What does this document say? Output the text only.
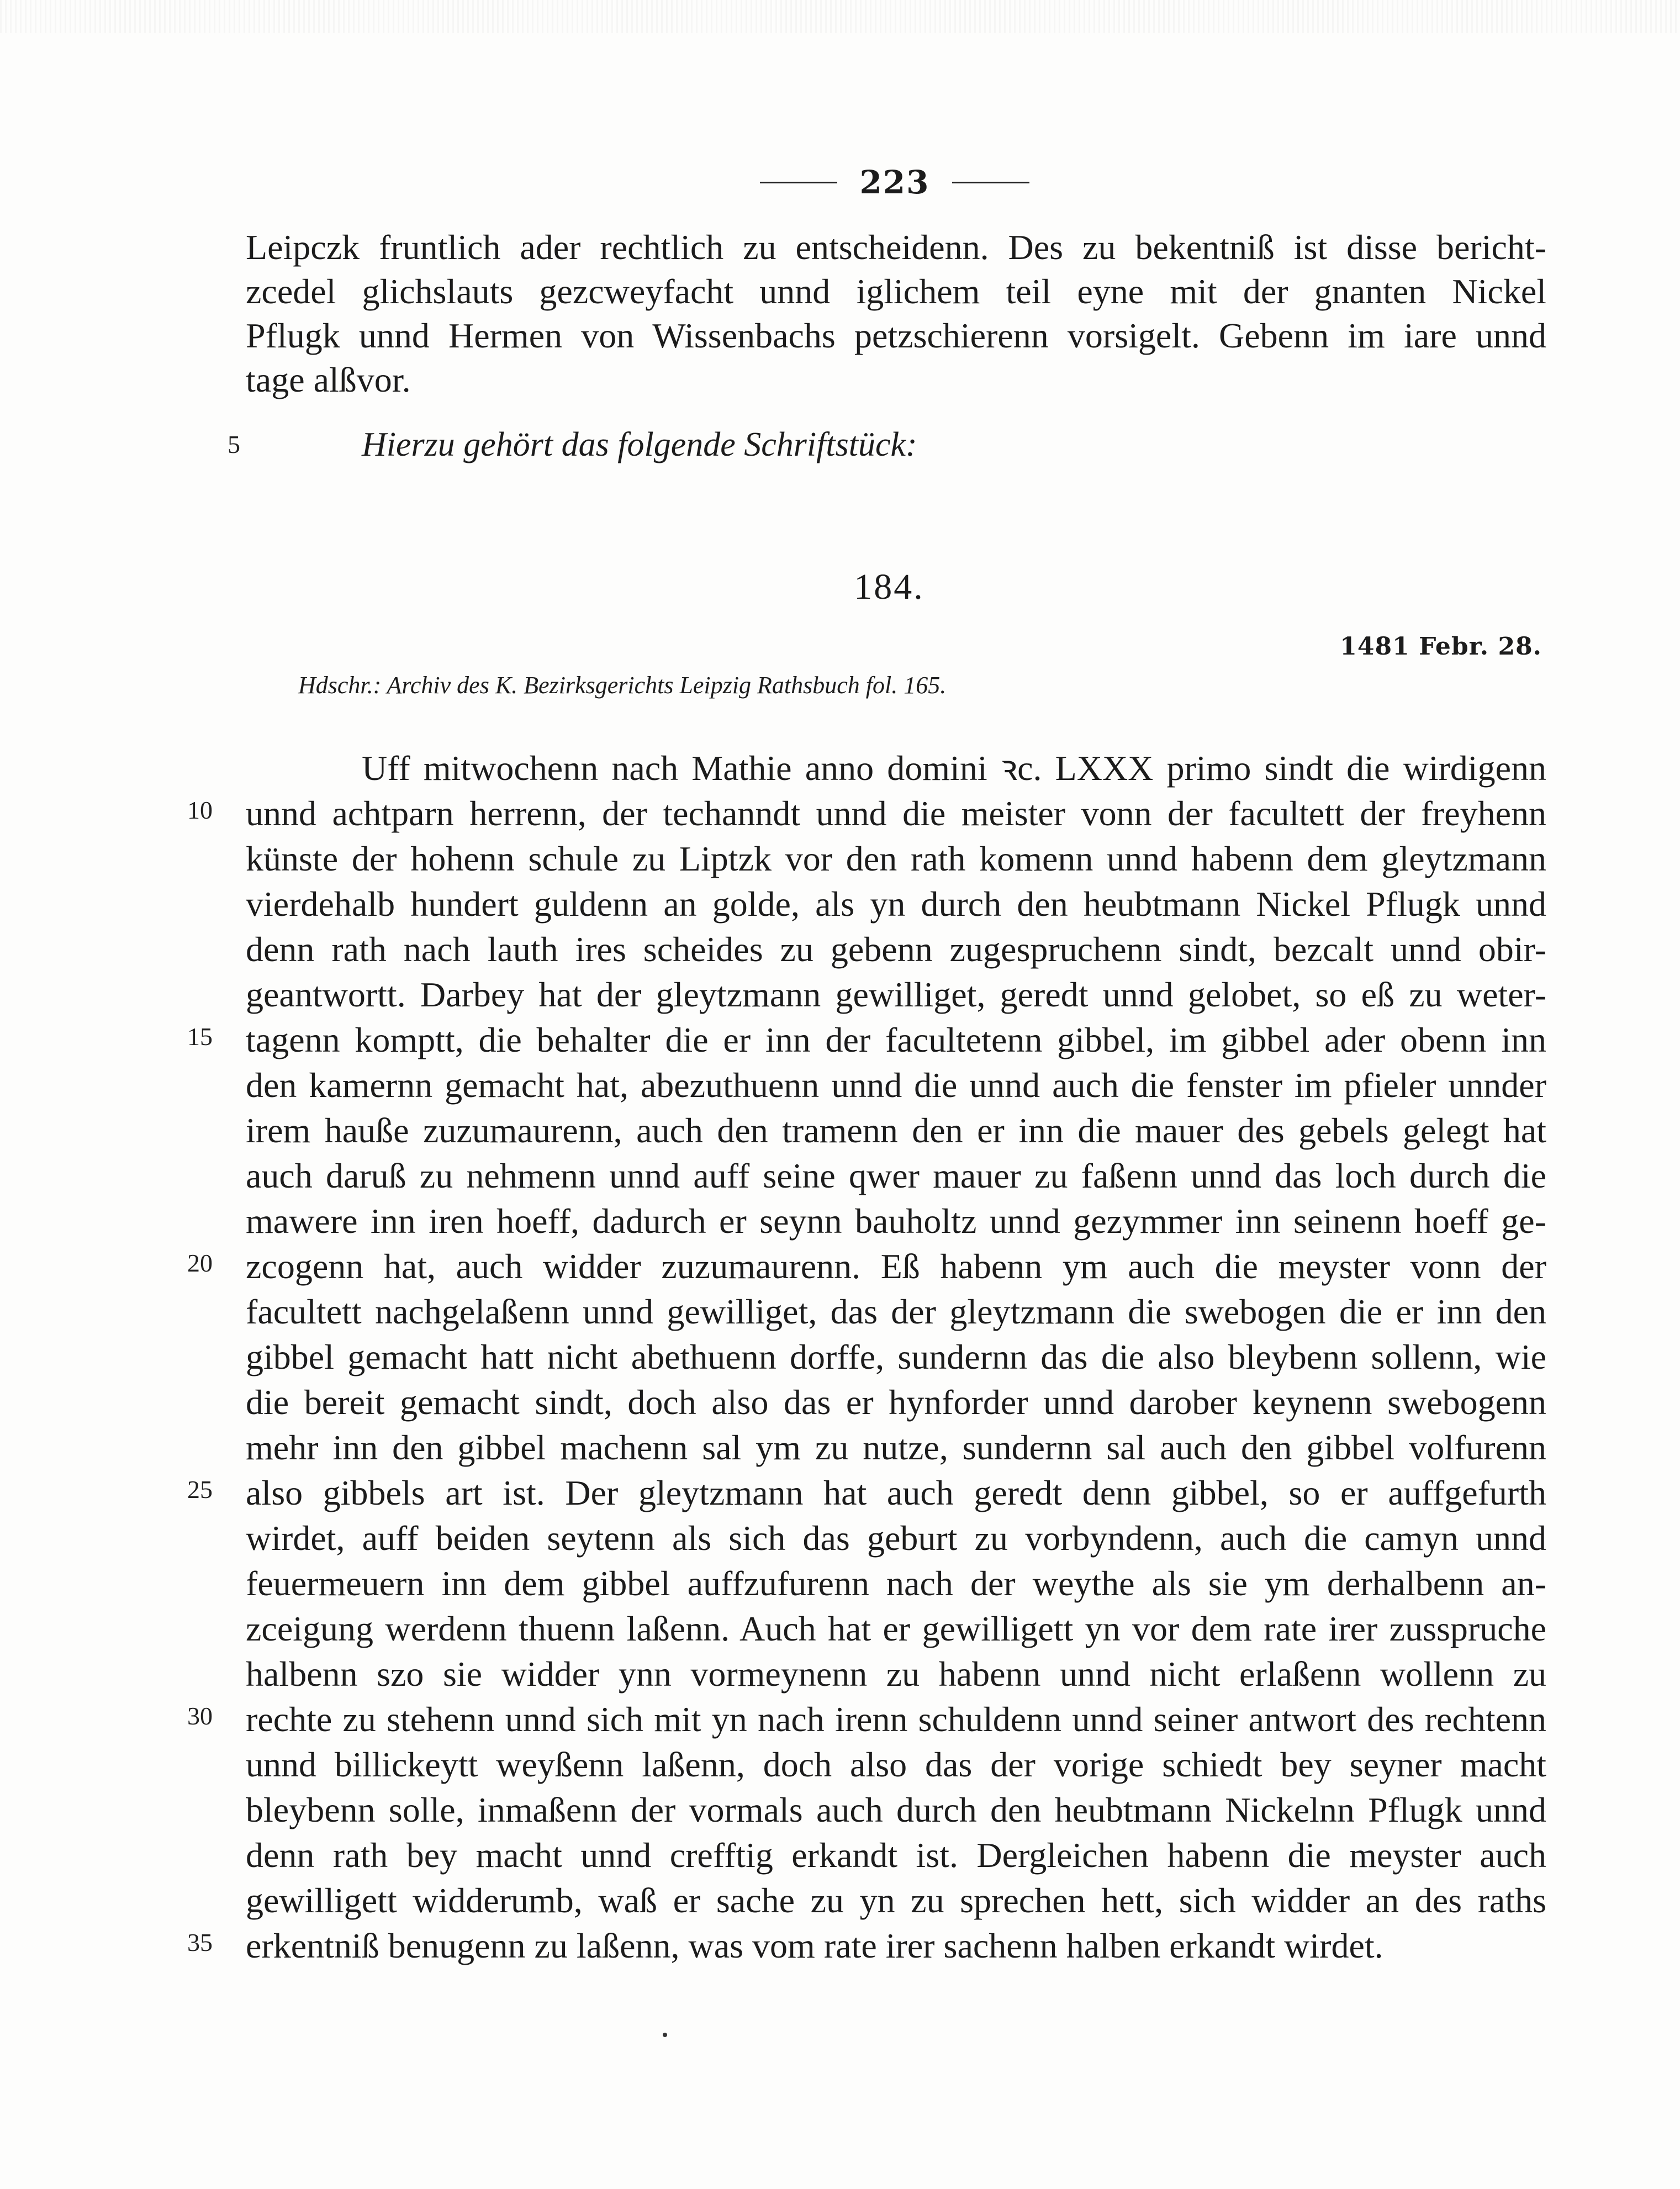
223
Leipczk fruntlich ader rechtlich zu entscheidenn. Des zu bekentniß ist disse bericht-
zcedel glichslauts gezcweyfacht unnd iglichem teil eyne mit der gnanten Nickel
Pflugk unnd Hermen von Wissenbachs petzschierenn vorsigelt. Gebenn im iare unnd
tage alßvor.
5	Hierzu gehört das folgende Schriftstück:
184.
1481 Febr. 28.
Hdschr.: Archiv des K. Bezirksgerichts Leipzig Rathsbuch fol. 165.
Uff mitwochenn nach Mathie anno domini ꝛc. LXXX primo sindt die wirdigenn
unnd achtparn herrenn, der techanndt unnd die meister vonn der facultett der freyhenn
künste der hohenn schule zu Liptzk vor den rath komenn unnd habenn dem gleytzmann
vierdehalb hundert guldenn an golde, als yn durch den heubtmann Nickel Pflugk unnd
denn rath nach lauth ires scheides zu gebenn zugespruchenn sindt, bezcalt unnd obir-
geantwortt. Darbey hat der gleytzmann gewilliget, geredt unnd gelobet, so eß zu weter-
tagenn komptt, die behalter die er inn der facultetenn gibbel, im gibbel ader obenn inn
den kamernn gemacht hat, abezuthuenn unnd die unnd auch die fenster im pfieler unnder
irem hauße zuzumaurenn, auch den tramenn den er inn die mauer des gebels gelegt hat
auch daruß zu nehmenn unnd auff seine qwer mauer zu faßenn unnd das loch durch die
mawere inn iren hoeff, dadurch er seynn bauholtz unnd gezymmer inn seinenn hoeff ge-
zcogenn hat, auch widder zuzumaurenn. Eß habenn ym auch die meyster vonn der
facultett nachgelaßenn unnd gewilliget, das der gleytzmann die swebogen die er inn den
gibbel gemacht hatt nicht abethuenn dorffe, sundernn das die also bleybenn sollenn, wie
die bereit gemacht sindt, doch also das er hynforder unnd darober keynenn swebogenn
mehr inn den gibbel machenn sal ym zu nutze, sundernn sal auch den gibbel volfurenn
also gibbels art ist. Der gleytzmann hat auch geredt denn gibbel, so er auffgefurth
wirdet, auff beiden seytenn als sich das geburt zu vorbyndenn, auch die camyn unnd
feuermeuern inn dem gibbel auffzufurenn nach der weythe als sie ym derhalbenn an-
zceigung werdenn thuenn laßenn. Auch hat er gewilligett yn vor dem rate irer zusspruche
halbenn szo sie widder ynn vormeynenn zu habenn unnd nicht erlaßenn wollenn zu
rechte zu stehenn unnd sich mit yn nach irenn schuldenn unnd seiner antwort des rechtenn
unnd billickeytt weyßenn laßenn, doch also das der vorige schiedt bey seyner macht
bleybenn solle, inmaßenn der vormals auch durch den heubtmann Nickelnn Pflugk unnd
denn rath bey macht unnd crefftig erkandt ist. Dergleichen habenn die meyster auch
gewilligett widderumb, waß er sache zu yn zu sprechen hett, sich widder an des raths
erkentniß benugenn zu laßenn, was vom rate irer sachenn halben erkandt wirdet.
10
15
20
25
30
35
